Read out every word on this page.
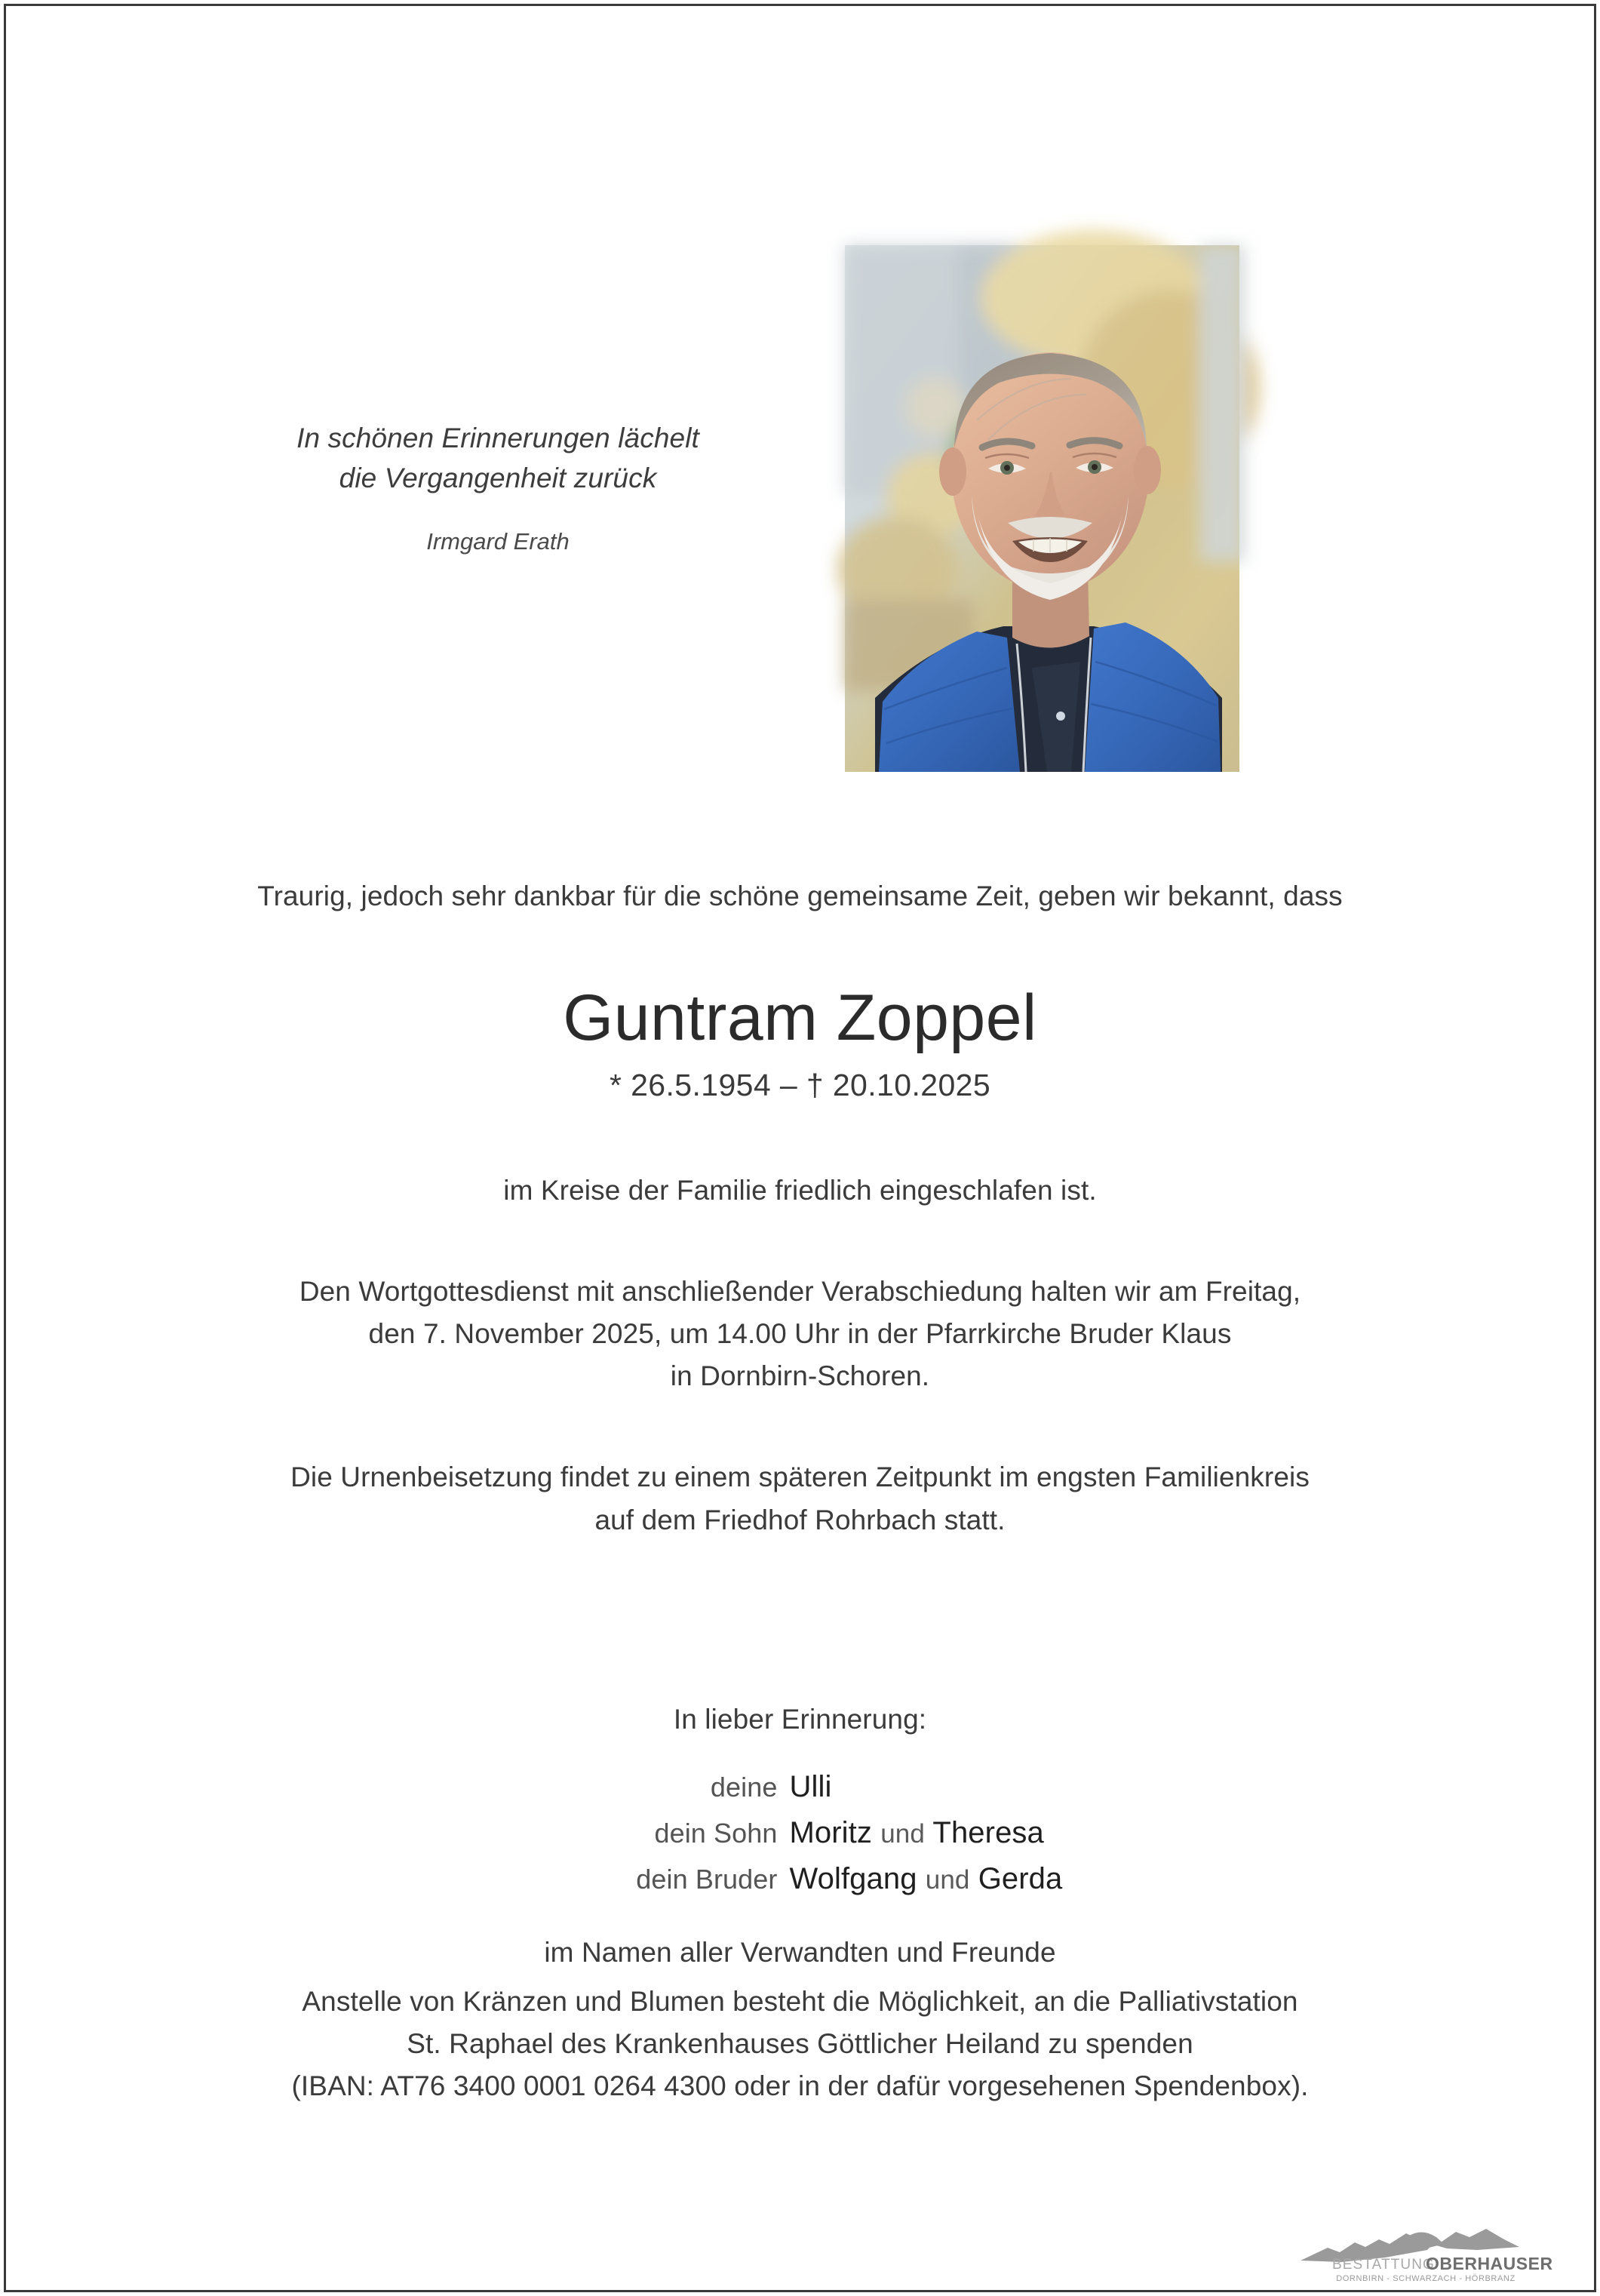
In schönen Erinnerungen lächelt
die Vergangenheit zurück
Irmgard Erath
Traurig, jedoch sehr dankbar für die schöne gemeinsame Zeit, geben wir bekannt, dass
Guntram Zoppel
* 26.5.1954 – † 20.10.2025
im Kreise der Familie friedlich eingeschlafen ist.
Den Wortgottesdienst mit anschließender Verabschiedung halten wir am Freitag,
den 7. November 2025, um 14.00 Uhr in der Pfarrkirche Bruder Klaus
in Dornbirn-Schoren.
Die Urnenbeisetzung findet zu einem späteren Zeitpunkt im engsten Familienkreis
auf dem Friedhof Rohrbach statt.
In lieber Erinnerung:
deine Ulli
dein Sohn Moritz und Theresa
dein Bruder Wolfgang und Gerda
im Namen aller Verwandten und Freunde
Anstelle von Kränzen und Blumen besteht die Möglichkeit, an die Palliativstation
St. Raphael des Krankenhauses Göttlicher Heiland zu spenden
(IBAN: AT76 3400 0001 0264 4300 oder in der dafür vorgesehenen Spendenbox).
BESTATTUNG
OBERHAUSER
DORNBIRN - SCHWARZACH - HÖRBRANZ
